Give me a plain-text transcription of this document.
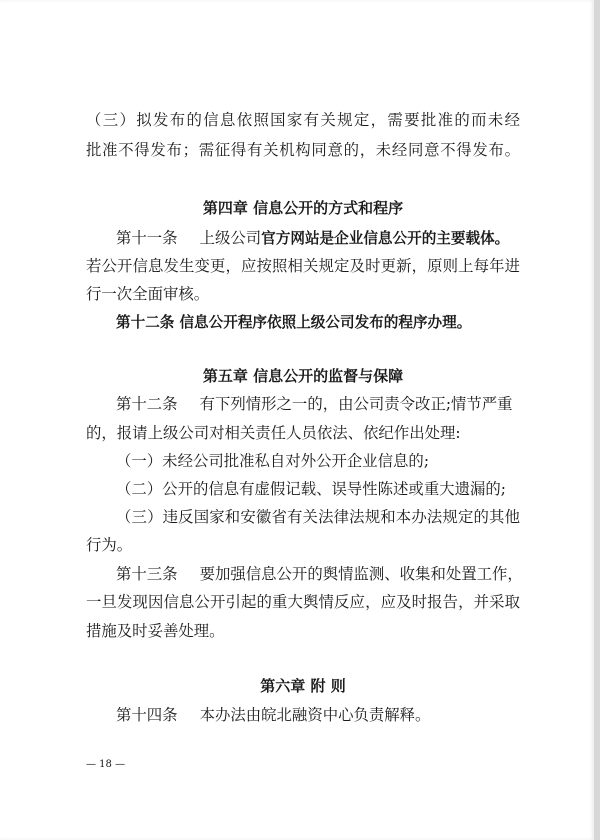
（三）拟发布的信息依照国家有关规定，需要批准的而未经
批准不得发布；需征得有关机构同意的，未经同意不得发布。
第四章 信息公开的方式和程序
第十一条 上级公司官方网站是企业信息公开的主要载体。
若公开信息发生变更，应按照相关规定及时更新，原则上每年进
行一次全面审核。
第十二条 信息公开程序依照上级公司发布的程序办理。
第五章 信息公开的监督与保障
第十二条 有下列情形之一的，由公司责令改正;情节严重
的，报请上级公司对相关责任人员依法、依纪作出处理:
（一）未经公司批准私自对外公开企业信息的;
（二）公开的信息有虚假记载、误导性陈述或重大遗漏的;
（三）违反国家和安徽省有关法律法规和本办法规定的其他
行为。
第十三条 要加强信息公开的舆情监测、收集和处置工作，
一旦发现因信息公开引起的重大舆情反应，应及时报告，并采取
措施及时妥善处理。
第六章 附 则
第十四条 本办法由皖北融资中心负责解释。
— 18 —
